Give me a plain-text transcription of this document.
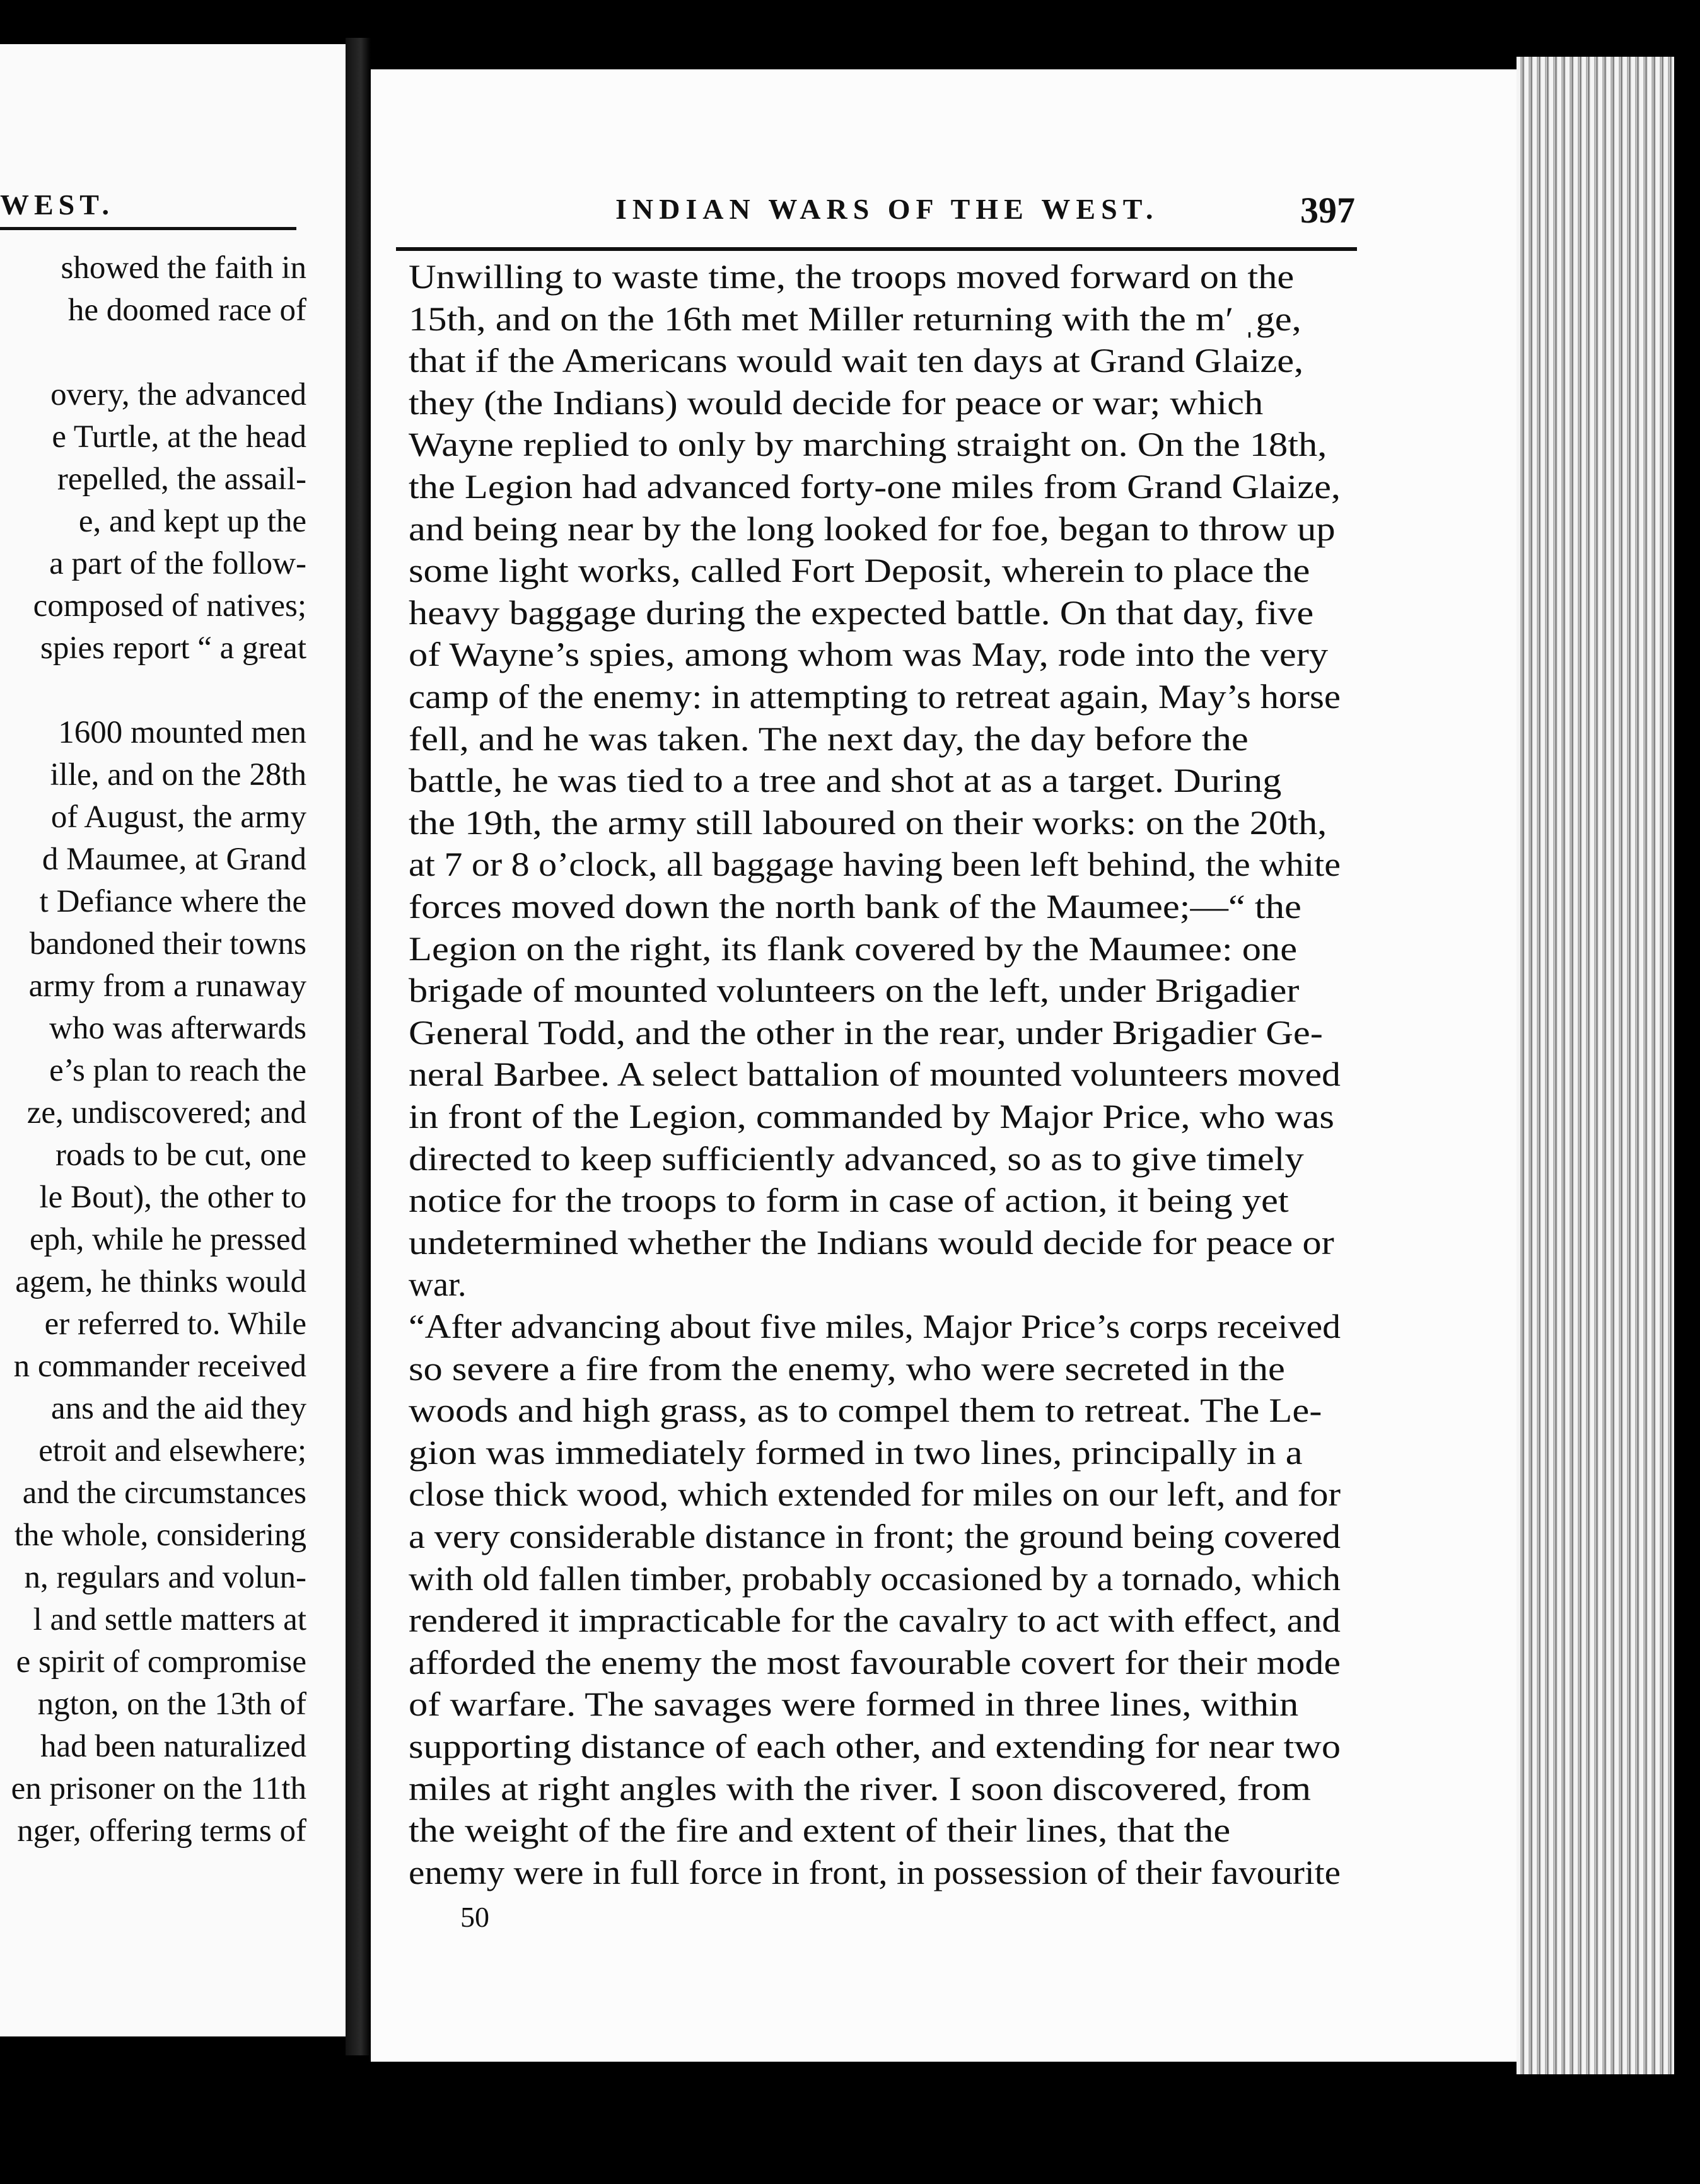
WEST.
showed the faith in
he doomed race of
overy, the advanced
e Turtle, at the head
repelled, the assail-
e, and kept up the
a part of the follow-
composed of natives;
spies report “ a great
1600 mounted men
ille, and on the 28th
of August, the army
d Maumee, at Grand
t Defiance where the
bandoned their towns
army from a runaway
who was afterwards
e’s plan to reach the
ze, undiscovered; and
roads to be cut, one
le Bout), the other to
eph, while he pressed
agem, he thinks would
er referred to. While
n commander received
ans and the aid they
etroit and elsewhere;
and the circumstances
the whole, considering
n, regulars and volun-
l and settle matters at
e spirit of compromise
ngton, on the 13th of
had been naturalized
en prisoner on the 11th
nger, offering terms of
INDIAN WARS OF THE WEST.	397
Unwilling to waste time, the troops moved forward on the
15th, and on the 16th met Miller returning with the m′ ˌge,
that if the Americans would wait ten days at Grand Glaize,
they (the Indians) would decide for peace or war; which
Wayne replied to only by marching straight on. On the 18th,
the Legion had advanced forty-one miles from Grand Glaize,
and being near by the long looked for foe, began to throw up
some light works, called Fort Deposit, wherein to place the
heavy baggage during the expected battle. On that day, five
of Wayne’s spies, among whom was May, rode into the very
camp of the enemy: in attempting to retreat again, May’s horse
fell, and he was taken. The next day, the day before the
battle, he was tied to a tree and shot at as a target. During
the 19th, the army still laboured on their works: on the 20th,
at 7 or 8 o’clock, all baggage having been left behind, the white
forces moved down the north bank of the Maumee;—“ the
Legion on the right, its flank covered by the Maumee: one
brigade of mounted volunteers on the left, under Brigadier
General Todd, and the other in the rear, under Brigadier Ge-
neral Barbee. A select battalion of mounted volunteers moved
in front of the Legion, commanded by Major Price, who was
directed to keep sufficiently advanced, so as to give timely
notice for the troops to form in case of action, it being yet
undetermined whether the Indians would decide for peace or
war.
“After advancing about five miles, Major Price’s corps received
so severe a fire from the enemy, who were secreted in the
woods and high grass, as to compel them to retreat. The Le-
gion was immediately formed in two lines, principally in a
close thick wood, which extended for miles on our left, and for
a very considerable distance in front; the ground being covered
with old fallen timber, probably occasioned by a tornado, which
rendered it impracticable for the cavalry to act with effect, and
afforded the enemy the most favourable covert for their mode
of warfare. The savages were formed in three lines, within
supporting distance of each other, and extending for near two
miles at right angles with the river. I soon discovered, from
the weight of the fire and extent of their lines, that the
enemy were in full force in front, in possession of their favourite
50
